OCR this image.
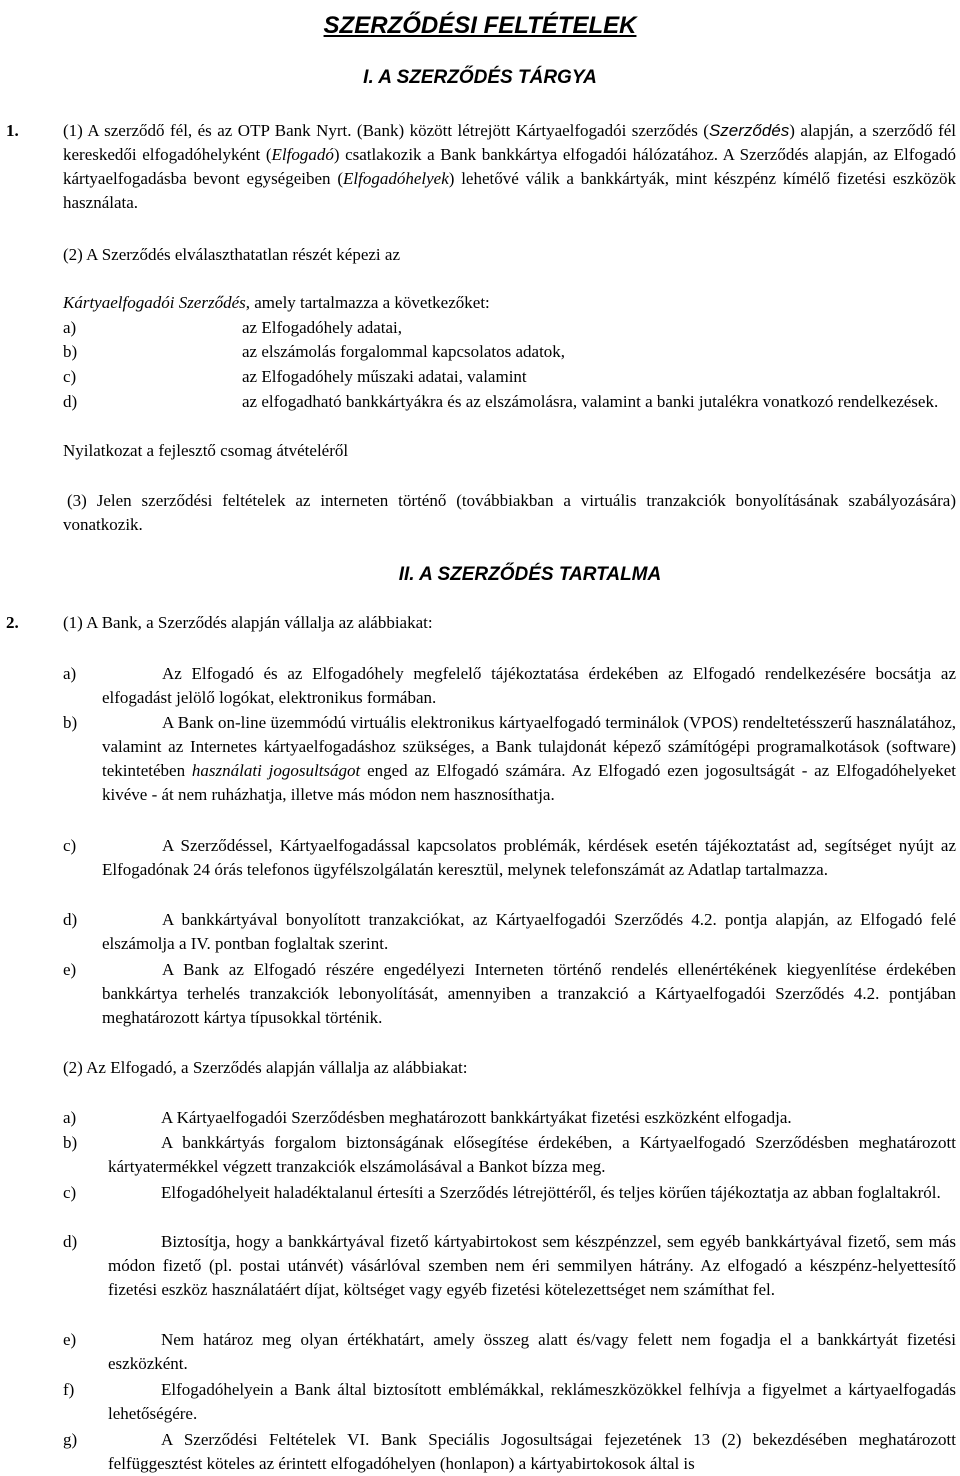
SZERZŐDÉSI FELTÉTELEK
I. A SZERZŐDÉS TÁRGYA
1.	(1) A szerződő fél, és az OTP Bank Nyrt. (Bank) között létrejött Kártyaelfogadói szerződés (Szerződés) alapján, a szerződő fél kereskedői elfogadóhelyként (Elfogadó) csatlakozik a Bank bankkártya elfogadói hálózatához. A Szerződés alapján, az Elfogadó kártyaelfogadásba bevont egységeiben (Elfogadóhelyek) lehetővé válik a bankkártyák, mint készpénz kímélő fizetési eszközök használata.
(2) A Szerződés elválaszthatatlan részét képezi az
Kártyaelfogadói Szerződés, amely tartalmazza a következőket:
a)	az Elfogadóhely adatai,
b)	az elszámolás forgalommal kapcsolatos adatok,
c)	az Elfogadóhely műszaki adatai, valamint
d)	az elfogadható bankkártyákra és az elszámolásra, valamint a banki jutalékra vonatkozó rendelkezések.
Nyilatkozat a fejlesztő csomag átvételéről
(3) Jelen szerződési feltételek az interneten történő (továbbiakban a virtuális tranzakciók bonyolításának szabályozására) vonatkozik.
II. A SZERZŐDÉS TARTALMA
2.	(1) A Bank, a Szerződés alapján vállalja az alábbiakat:
a)	Az Elfogadó és az Elfogadóhely megfelelő tájékoztatása érdekében az Elfogadó rendelkezésére bocsátja az elfogadást jelölő logókat, elektronikus formában.
b)	A Bank on-line üzemmódú virtuális elektronikus kártyaelfogadó terminálok (VPOS) rendeltetésszerű használatához, valamint az Internetes kártyaelfogadáshoz szükséges, a Bank tulajdonát képező számítógépi programalkotások (software) tekintetében használati jogosultságot enged az Elfogadó számára. Az Elfogadó ezen jogosultságát - az Elfogadóhelyeket kivéve - át nem ruházhatja, illetve más módon nem hasznosíthatja.
c)	A Szerződéssel, Kártyaelfogadással kapcsolatos problémák, kérdések esetén tájékoztatást ad, segítséget nyújt az Elfogadónak 24 órás telefonos ügyfélszolgálatán keresztül, melynek telefonszámát az Adatlap tartalmazza.
d)	A bankkártyával bonyolított tranzakciókat, az Kártyaelfogadói Szerződés 4.2. pontja alapján, az Elfogadó felé elszámolja a IV. pontban foglaltak szerint.
e)	A Bank az Elfogadó részére engedélyezi Interneten történő rendelés ellenértékének kiegyenlítése érdekében bankkártya terhelés tranzakciók lebonyolítását, amennyiben a tranzakció a Kártyaelfogadói Szerződés 4.2. pontjában meghatározott kártya típusokkal történik.
(2) Az Elfogadó, a Szerződés alapján vállalja az alábbiakat:
a)	A Kártyaelfogadói Szerződésben meghatározott bankkártyákat fizetési eszközként elfogadja.
b)	A bankkártyás forgalom biztonságának elősegítése érdekében, a Kártyaelfogadó Szerződésben meghatározott kártyatermékkel végzett tranzakciók elszámolásával a Bankot bízza meg.
c)	Elfogadóhelyeit haladéktalanul értesíti a Szerződés létrejöttéről, és teljes körűen tájékoztatja az abban foglaltakról.
d)	Biztosítja, hogy a bankkártyával fizető kártyabirtokost sem készpénzzel, sem egyéb bankkártyával fizető, sem más módon fizető (pl. postai utánvét) vásárlóval szemben nem éri semmilyen hátrány. Az elfogadó a készpénz-helyettesítő fizetési eszköz használatáért díjat, költséget vagy egyéb fizetési kötelezettséget nem számíthat fel.
e)	Nem határoz meg olyan értékhatárt, amely összeg alatt és/vagy felett nem fogadja el a bankkártyát fizetési eszközként.
f)	Elfogadóhelyein a Bank által biztosított emblémákkal, reklámeszközökkel felhívja a figyelmet a kártyaelfogadás lehetőségére.
g)	A Szerződési Feltételek VI. Bank Speciális Jogosultságai fejezetének 13 (2) bekezdésében meghatározott felfüggesztést köteles az érintett elfogadóhelyen (honlapon) a kártyabirtokosok által is
